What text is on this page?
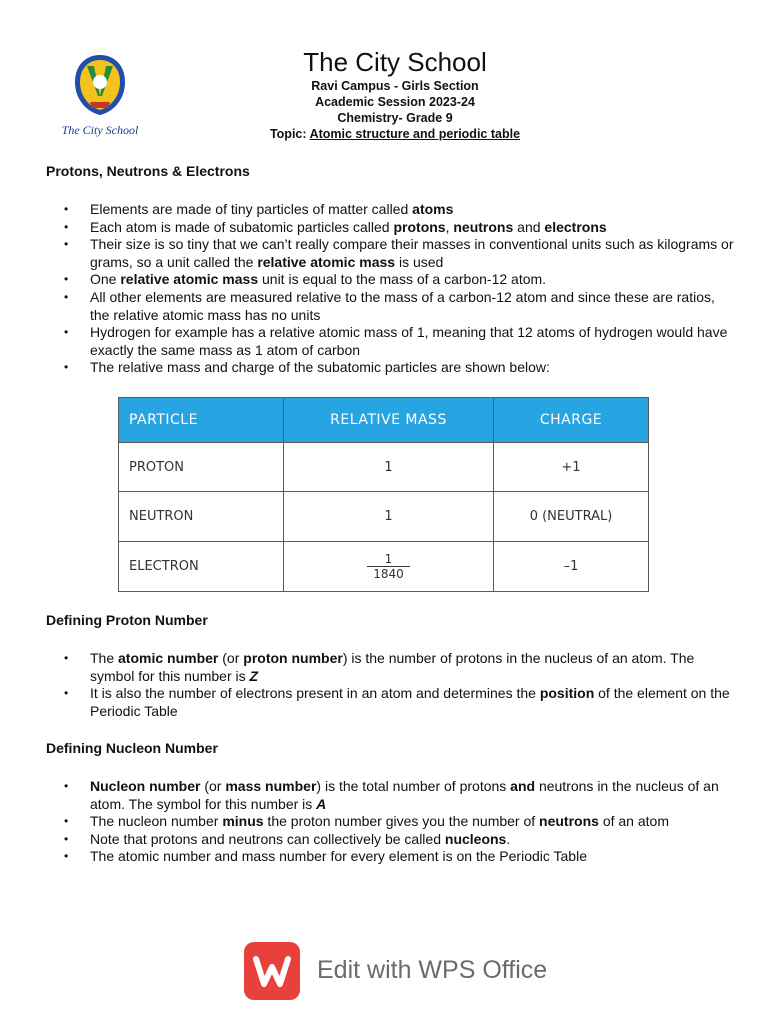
The City School
The City School
Ravi Campus - Girls Section
Academic Session 2023-24
Chemistry- Grade 9
Topic: Atomic structure and periodic table
Protons, Neutrons & Electrons
• Elements are made of tiny particles of matter called atoms
• Each atom is made of subatomic particles called protons, neutrons and electrons
• Their size is so tiny that we can’t really compare their masses in conventional units such as kilograms or grams, so a unit called the relative atomic mass is used
• One relative atomic mass unit is equal to the mass of a carbon-12 atom.
• All other elements are measured relative to the mass of a carbon-12 atom and since these are ratios, the relative atomic mass has no units
• Hydrogen for example has a relative atomic mass of 1, meaning that 12 atoms of hydrogen would have exactly the same mass as 1 atom of carbon
• The relative mass and charge of the subatomic particles are shown below:
PARTICLE	RELATIVE MASS	CHARGE
PROTON	1	+1
NEUTRON	1	0 (NEUTRAL)
ELECTRON	$\frac{1}{1840}$	–1
Defining Proton Number
• The atomic number (or proton number) is the number of protons in the nucleus of an atom. The symbol for this number is Z
• It is also the number of electrons present in an atom and determines the position of the element on the Periodic Table
Defining Nucleon Number
• Nucleon number (or mass number) is the total number of protons and neutrons in the nucleus of an atom. The symbol for this number is A
• The nucleon number minus the proton number gives you the number of neutrons of an atom
• Note that protons and neutrons can collectively be called nucleons.
• The atomic number and mass number for every element is on the Periodic Table
Edit with WPS Office
